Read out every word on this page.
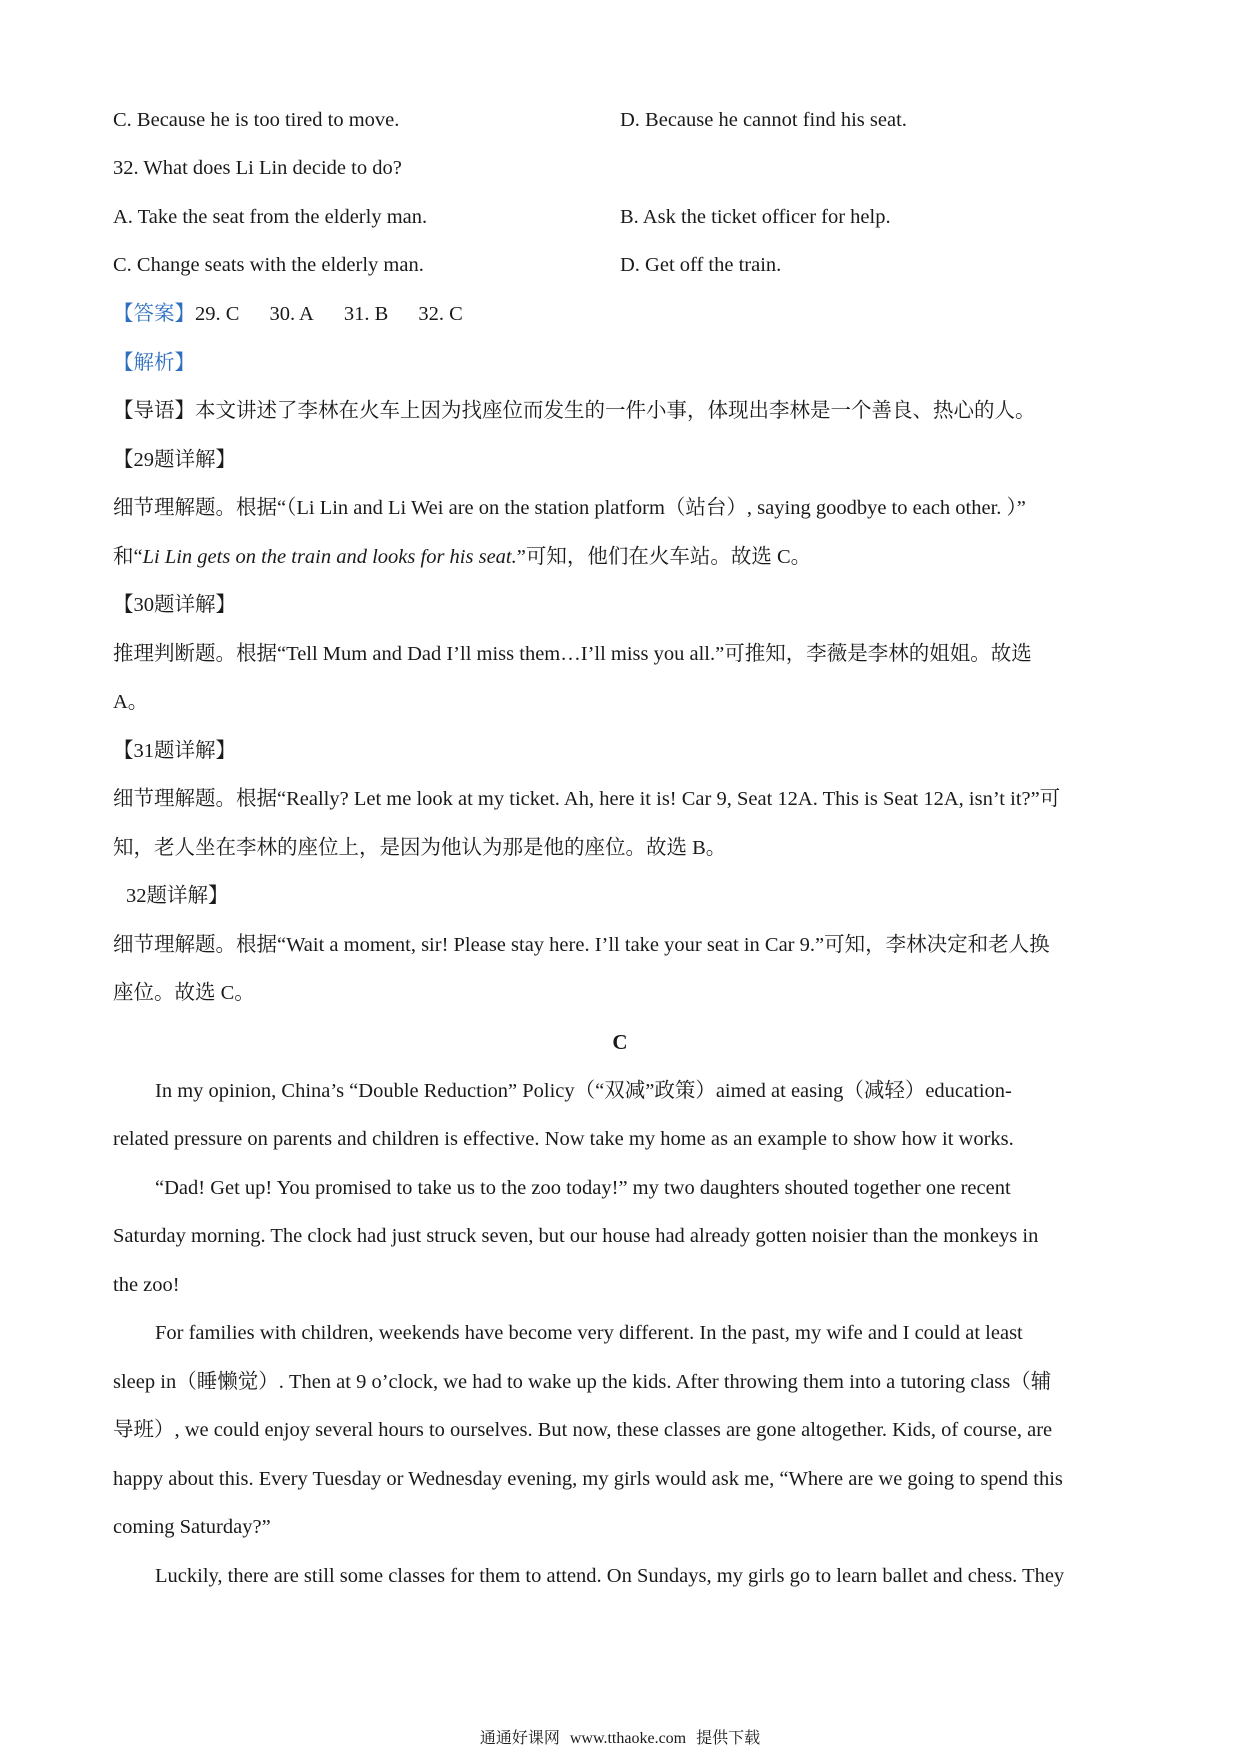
C. Because he is too tired to move.	D. Because he cannot find his seat.
32. What does Li Lin decide to do?
A. Take the seat from the elderly man.	B. Ask the ticket officer for help.
C. Change seats with the elderly man.	D. Get off the train.
【答案】29. C 30. A 31. B 32. C
【解析】
【导语】本文讲述了李林在火车上因为找座位而发生的一件小事，体现出李林是一个善良、热心的人。
【29题详解】
细节理解题。根据“（Li Lin and Li Wei are on the station platform（站台）, saying goodbye to each other. ）”
和“Li Lin gets on the train and looks for his seat.”可知，他们在火车站。故选 C。
【30题详解】
推理判断题。根据“Tell Mum and Dad I’ll miss them…I’ll miss you all.”可推知，李薇是李林的姐姐。故选
A。
【31题详解】
细节理解题。根据“Really? Let me look at my ticket. Ah, here it is! Car 9, Seat 12A. This is Seat 12A, isn’t it?”可
知，老人坐在李林的座位上，是因为他认为那是他的座位。故选 B。
32题详解】
细节理解题。根据“Wait a moment, sir! Please stay here. I’ll take your seat in Car 9.”可知，李林决定和老人换
座位。故选 C。
C
In my opinion, China’s “Double Reduction” Policy（“双减”政策）aimed at easing（减轻）education-
related pressure on parents and children is effective. Now take my home as an example to show how it works.
“Dad! Get up! You promised to take us to the zoo today!” my two daughters shouted together one recent
Saturday morning. The clock had just struck seven, but our house had already gotten noisier than the monkeys in
the zoo!
For families with children, weekends have become very different. In the past, my wife and I could at least
sleep in（睡懒觉）. Then at 9 o’clock, we had to wake up the kids. After throwing them into a tutoring class（辅
导班）, we could enjoy several hours to ourselves. But now, these classes are gone altogether. Kids, of course, are
happy about this. Every Tuesday or Wednesday evening, my girls would ask me, “Where are we going to spend this
coming Saturday?”
Luckily, there are still some classes for them to attend. On Sundays, my girls go to learn ballet and chess. They
通通好课网 www.tthaoke.com 提供下载
